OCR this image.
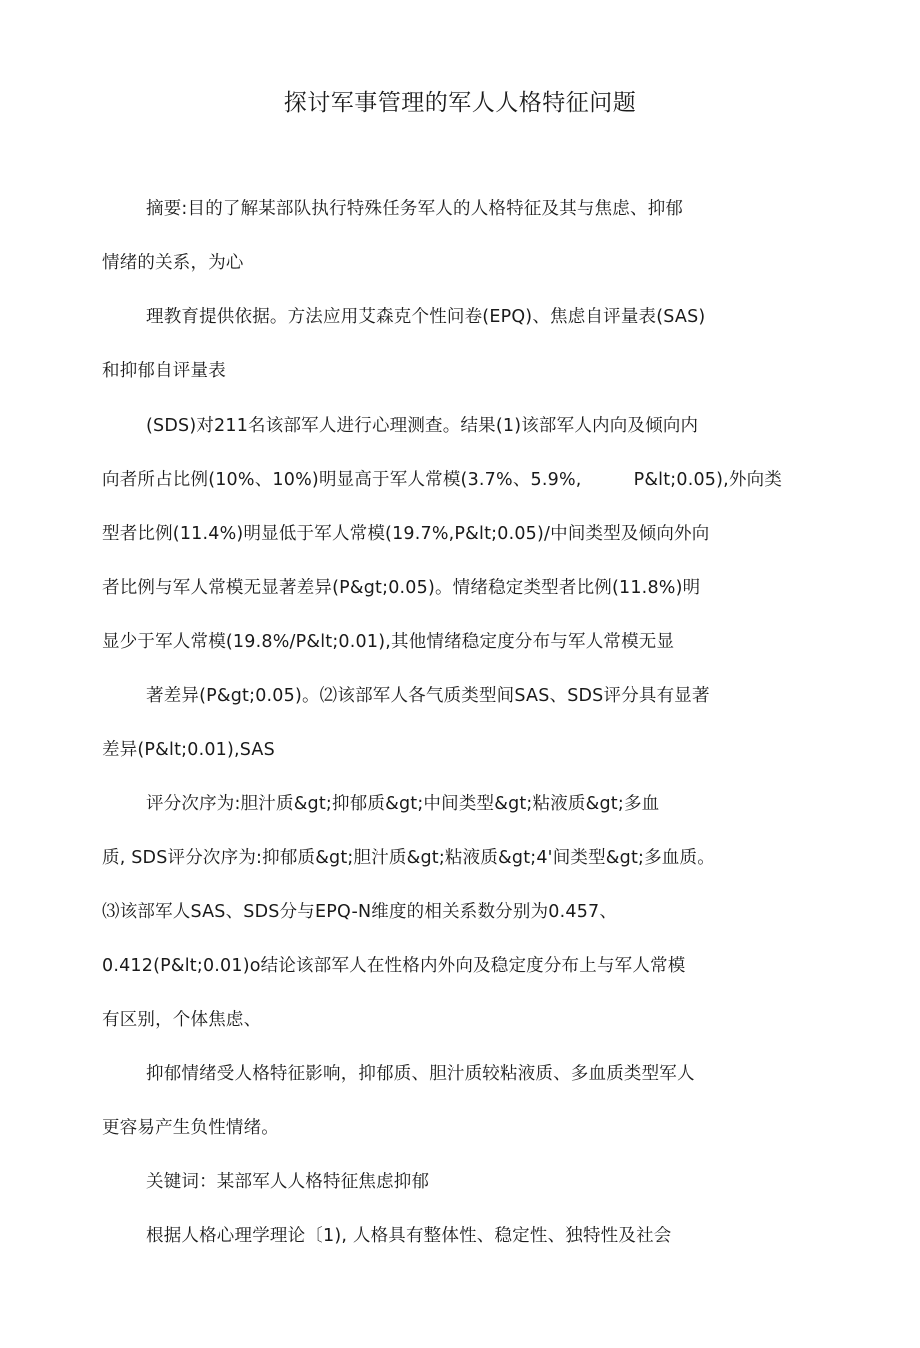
探讨军事管理的军人人格特征问题
摘要:目的了解某部队执行特殊任务军人的人格特征及其与焦虑、抑郁
情绪的关系，为心
理教育提供依据。方法应用艾森克个性问卷(EPQ)、焦虑自评量表(SAS)
和抑郁自评量表
(SDS)对211名该部军人进行心理测查。结果(1)该部军人内向及倾向内
向者所占比例(10%、10%)明显高于军人常模(3.7%、5.9%,	P&lt;0.05),外向类
型者比例(11.4%)明显低于军人常模(19.7%,P&lt;0.05)/中间类型及倾向外向
者比例与军人常模无显著差异(P&gt;0.05)。情绪稳定类型者比例(11.8%)明
显少于军人常模(19.8%/P&lt;0.01),其他情绪稳定度分布与军人常模无显
著差异(P&gt;0.05)。⑵该部军人各气质类型间SAS、SDS评分具有显著
差异(P&lt;0.01),SAS
评分次序为:胆汁质&gt;抑郁质&gt;中间类型&gt;粘液质&gt;多血
质, SDS评分次序为:抑郁质&gt;胆汁质&gt;粘液质&gt;4'间类型&gt;多血质。
⑶该部军人SAS、SDS分与EPQ-N维度的相关系数分别为0.457、
0.412(P&lt;0.01)o结论该部军人在性格内外向及稳定度分布上与军人常模
有区别，个体焦虑、
抑郁情绪受人格特征影响，抑郁质、胆汁质较粘液质、多血质类型军人
更容易产生负性情绪。
关键词：某部军人人格特征焦虑抑郁
根据人格心理学理论〔1), 人格具有整体性、稳定性、独特性及社会
